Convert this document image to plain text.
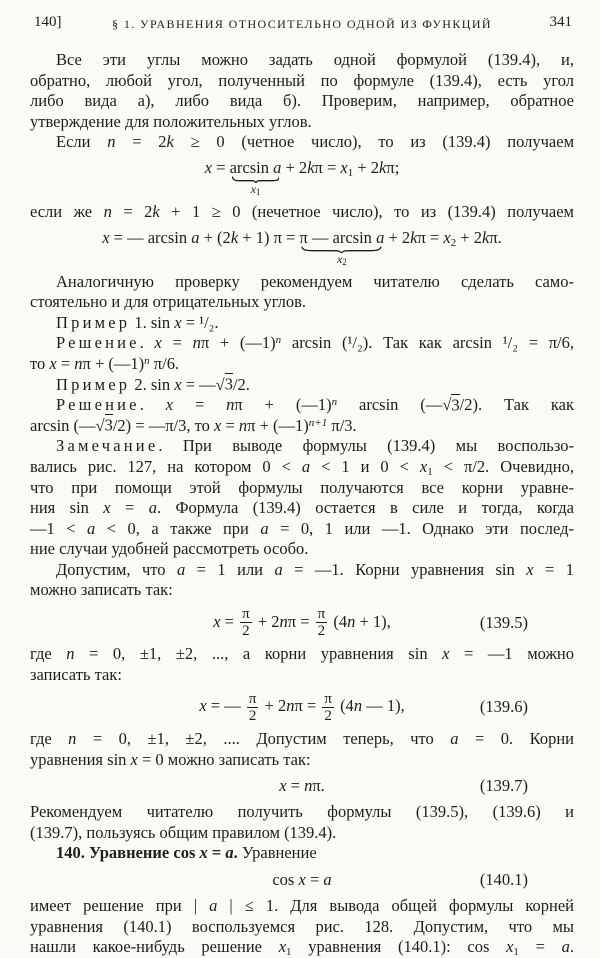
140]	§ 1. УРАВНЕНИЯ ОТНОСИТЕЛЬНО ОДНОЙ ИЗ ФУНКЦИЙ	341
Все эти углы можно задать одной формулой (139.4), и,
обратно, любой угол, полученный по формуле (139.4), есть угол
либо вида а), либо вида б). Проверим, например, обратное
утверждение для положительных углов.
Если n = 2k ≥ 0 (четное число), то из (139.4) получаем
x = arcsin a
$x_1$
+ $2k\pi = x_1 + 2k\pi$;
если же n = 2k + 1 ≥ 0 (нечетное число), то из (139.4) получаем
x = — arcsin a + (2k + 1) π = π — arcsin a
$x_2$
+ $2k\pi = x_2 + 2k\pi$.
Аналогичную проверку рекомендуем читателю сделать само-
стоятельно и для отрицательных углов.
Пример 1. sin x = ¹/₂.
Решение. x = nπ + (—1)$^n$ arcsin (¹/₂). Так как arcsin ¹/₂ = π/6,
то x = nπ + (—1)$^n$ π/6.
Пример 2. sin x = —√3/2.
Решение. x = nπ + (—1)$^n$ arcsin (—√3/2). Так как
arcsin (—√3/2) = —π/3, то x = nπ + (—1)$^{n+1}$ π/3.
Замечание. При выводе формулы (139.4) мы воспользо-
вались рис. 127, на котором 0 < a < 1 и $0 < x_1 < \pi/2$. Очевидно,
что при помощи этой формулы получаются все корни уравне-
ния sin x = a. Формула (139.4) остается в силе и тогда, когда
—1 < a < 0, а также при a = 0, 1 или —1. Однако эти послед-
ние случаи удобней рассмотреть особо.
Допустим, что a = 1 или a = —1. Корни уравнения sin x = 1
можно записать так:
$x = \frac{\pi}{2} + 2n\pi = \frac{\pi}{2} (4n + 1)$,	(139.5)
где n = 0, ±1, ±2, ..., а корни уравнения sin x = —1 можно
записать так:
x = — $\frac{\pi}{2} + 2n\pi = \frac{\pi}{2} (4n$ — 1),	(139.6)
где n = 0, ±1, ±2, .... Допустим теперь, что a = 0. Корни
уравнения sin x = 0 можно записать так:
x = nπ.	(139.7)
Рекомендуем читателю получить формулы (139.5), (139.6) и
(139.7), пользуясь общим правилом (139.4).
140. Уравнение cos x = a. Уравнение
cos x = a	(140.1)
имеет решение при | a | ≤ 1. Для вывода общей формулы корней
уравнения (140.1) воспользуемся рис. 128. Допустим, что мы
нашли какое-нибудь решение $x_1$ уравнения (140.1): $\cos x_1 = a$.
